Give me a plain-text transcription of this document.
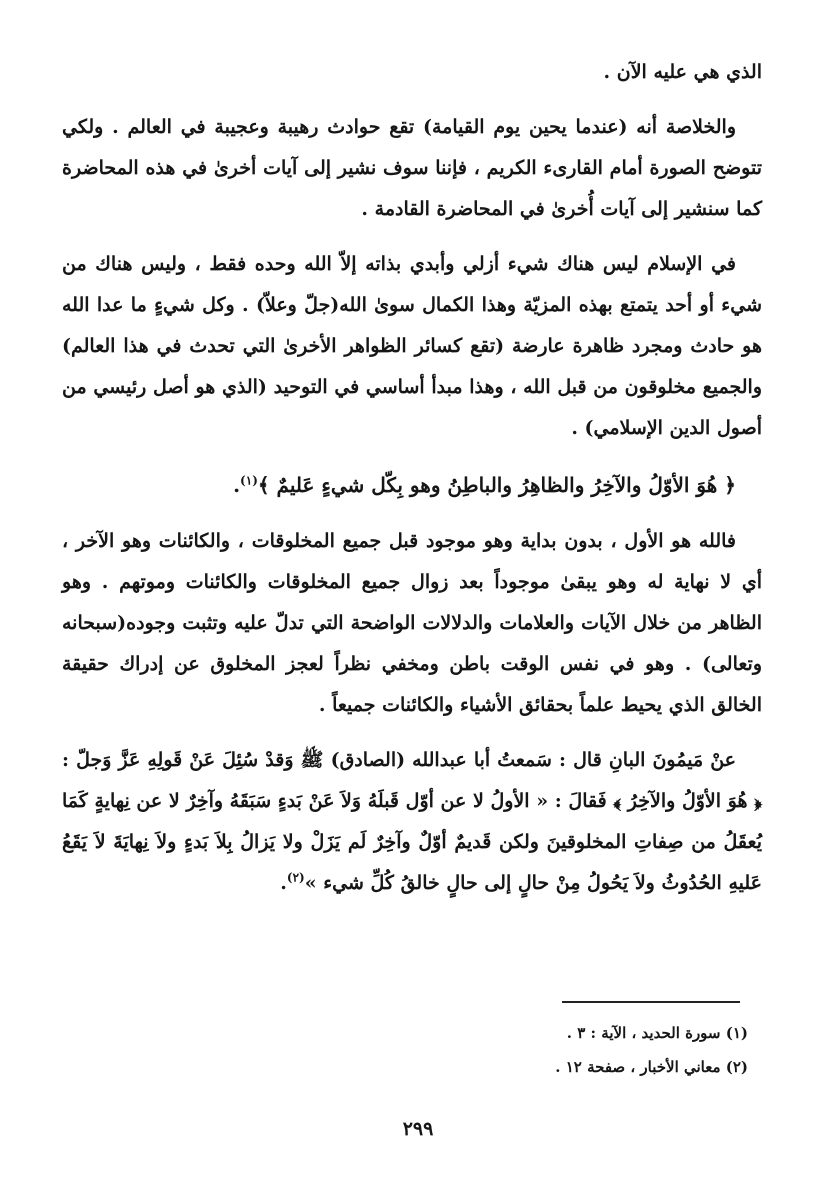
الذي هي عليه الآن .

والخلاصة أنه (عندما يحين يوم القيامة) تقع حوادث رهيبة وعجيبة في العالم . ولكي تتوضح الصورة أمام القارىء الكريم ، فإننا سوف نشير إلى آيات أخرىٰ في هذه المحاضرة كما سنشير إلى آيات أُخرىٰ في المحاضرة القادمة .

في الإسلام ليس هناك شيء أزلي وأبدي بذاته إلاّ الله وحده فقط ، وليس هناك من شيء أو أحد يتمتع بهذه المزيّة وهذا الكمال سوىٰ الله(جلّ وعلاّ) . وكل شيءٍ ما عدا الله هو حادث ومجرد ظاهرة عارضة (تقع كسائر الظواهر الأخرىٰ التي تحدث في هذا العالم) والجميع مخلوقون من قبل الله ، وهذا مبدأ أساسي في التوحيد (الذي هو أصل رئيسي من أصول الدين الإسلامي) .

﴿ هُوَ الأوّلُ والآخِرُ والظاهِرُ والباطِنُ وهو بِكّل شيءٍ عَليمٌ ﴾$^{(١)}$.

فالله هو الأول ، بدون بداية وهو موجود قبل جميع المخلوقات ، والكائنات وهو الآخر ، أي لا نهاية له وهو يبقىٰ موجوداً بعد زوال جميع المخلوقات والكائنات وموتهم . وهو الظاهر من خلال الآيات والعلامات والدلالات الواضحة التي تدلّ عليه وتثبت وجوده(سبحانه وتعالى) . وهو في نفس الوقت باطن ومخفي نظراً لعجز المخلوق عن إدراك حقيقة الخالق الذي يحيط علماً بحقائق الأشياء والكائنات جميعاً .

عنْ مَيمُونَ البانِ قال : سَمعتُ أبا عبدالله (الصادق) ﷺ وَقدْ سُئِلَ عَنْ قَولِهِ عَزَّ وَجلّ : ﴿ هُوَ الأوّلُ والآخِرُ ﴾ فَقالَ : « الأولُ لا عن أوّل قَبلَهُ وَلاَ عَنْ بَدءٍ سَبَقَهُ وآخِرٌ لا عن نِهايةٍ كَمَا يُعقَلُ من صِفاتِ المخلوقينَ ولكن قَديمٌ أوّلٌ وآخِرٌ لَم يَزَلْ ولا يَزالُ بِلاَ بَدءٍ ولاَ نِهايَةَ لاَ يَقَعُ عَليهِ الحُدُوثُ ولاَ يَحُولُ مِنْ حالٍ إلى حالٍ خالقُ كُلِّ شيء »$^{(٢)}$.

(١) سورة الحديد ، الآية : ٣ .

(٢) معاني الأخبار ، صفحة ١٢ .

٢٩٩
